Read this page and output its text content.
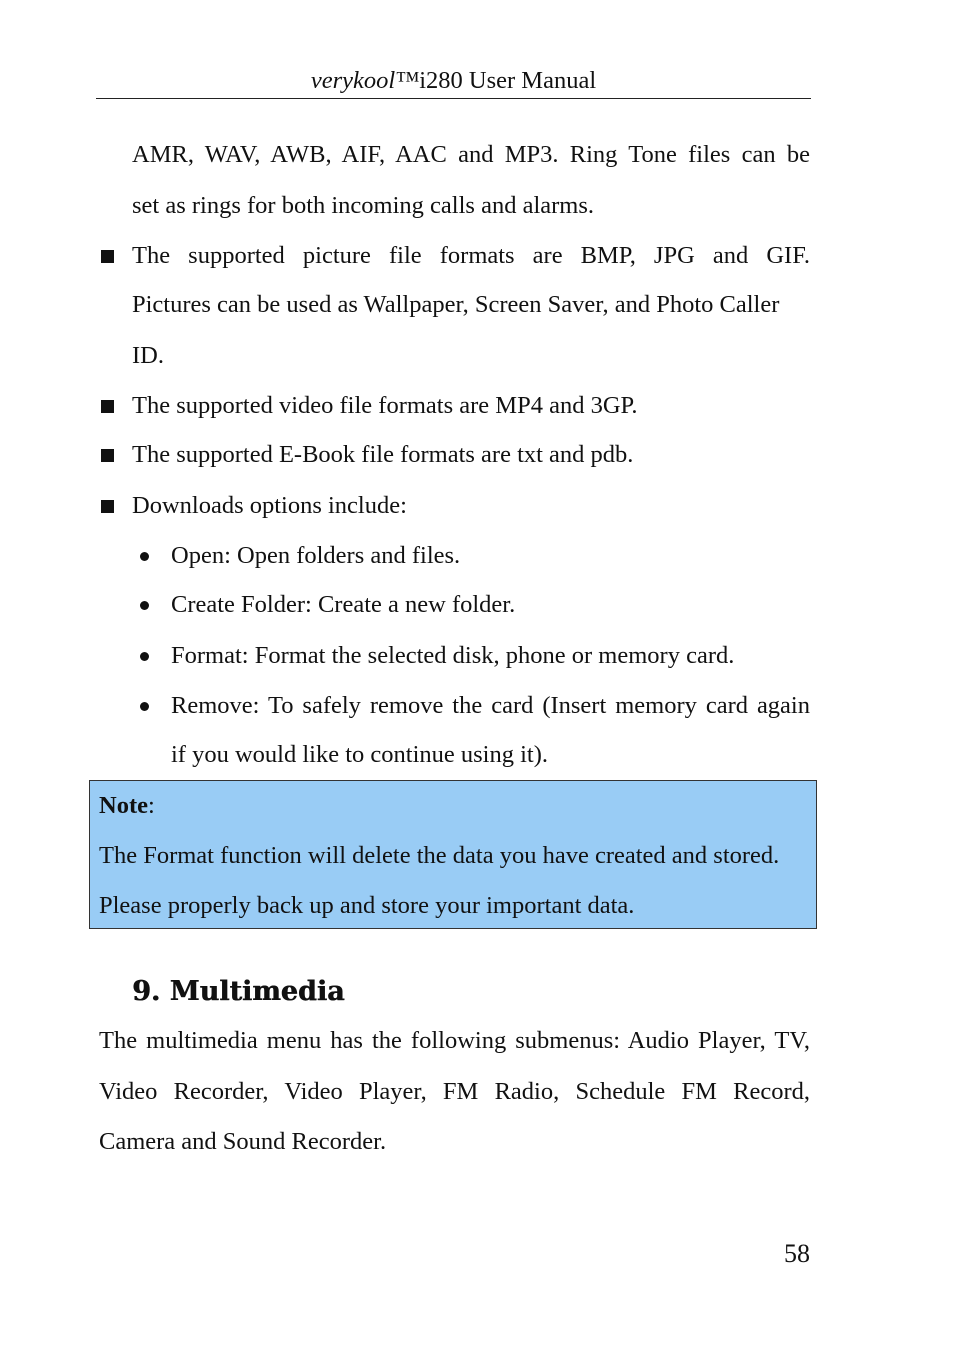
verykool™i280 User Manual
AMR, WAV, AWB, AIF, AAC and MP3. Ring Tone files can be
set as rings for both incoming calls and alarms.
The supported picture file formats are BMP, JPG and GIF.
Pictures can be used as Wallpaper, Screen Saver, and Photo Caller
ID.
The supported video file formats are MP4 and 3GP.
The supported E-Book file formats are txt and pdb.
Downloads options include:
Open: Open folders and files.
Create Folder: Create a new folder.
Format: Format the selected disk, phone or memory card.
Remove: To safely remove the card (Insert memory card again
if you would like to continue using it).
Note:
The Format function will delete the data you have created and stored.
Please properly back up and store your important data.
9. Multimedia
The multimedia menu has the following submenus: Audio Player, TV,
Video Recorder, Video Player, FM Radio, Schedule FM Record,
Camera and Sound Recorder.
58
